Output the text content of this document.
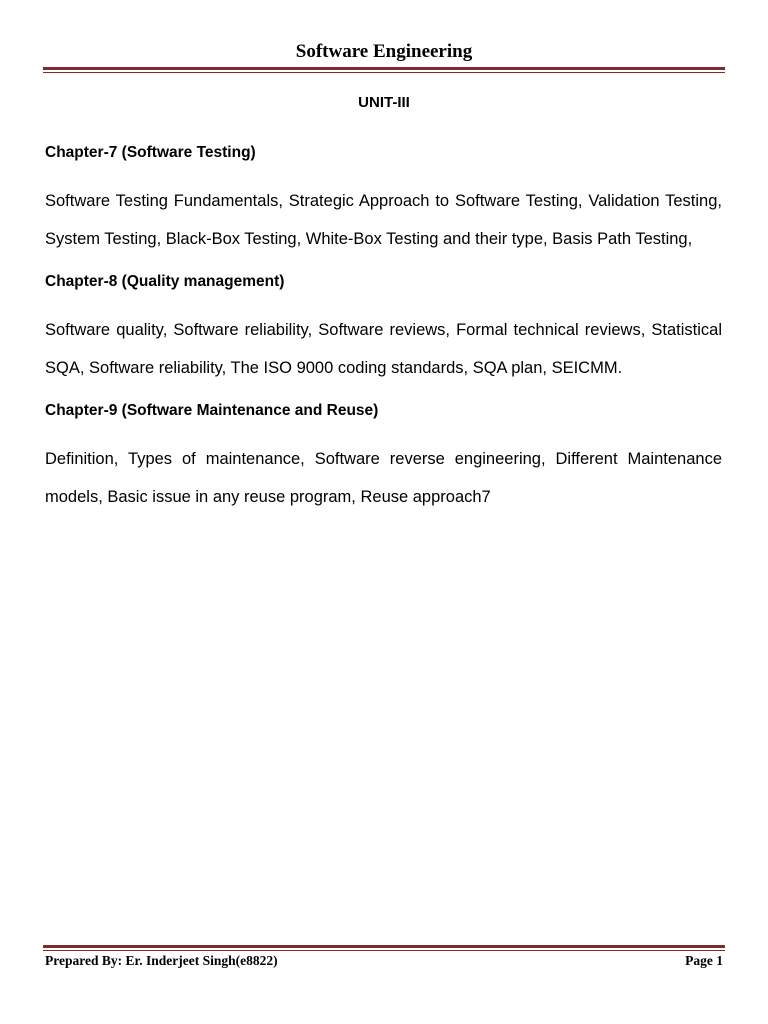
Software Engineering
UNIT-III

Chapter-7 (Software Testing)

Software Testing Fundamentals, Strategic Approach to Software Testing, Validation Testing, System Testing, Black-Box Testing, White-Box Testing and their type, Basis Path Testing,

Chapter-8 (Quality management)

Software quality, Software reliability, Software reviews, Formal technical reviews, Statistical SQA, Software reliability, The ISO 9000 coding standards, SQA plan, SEICMM.

Chapter-9 (Software Maintenance and Reuse)

Definition, Types of maintenance, Software reverse engineering, Different Maintenance models, Basic issue in any reuse program, Reuse approach7

Prepared By: Er. Inderjeet Singh(e8822)	Page 1
